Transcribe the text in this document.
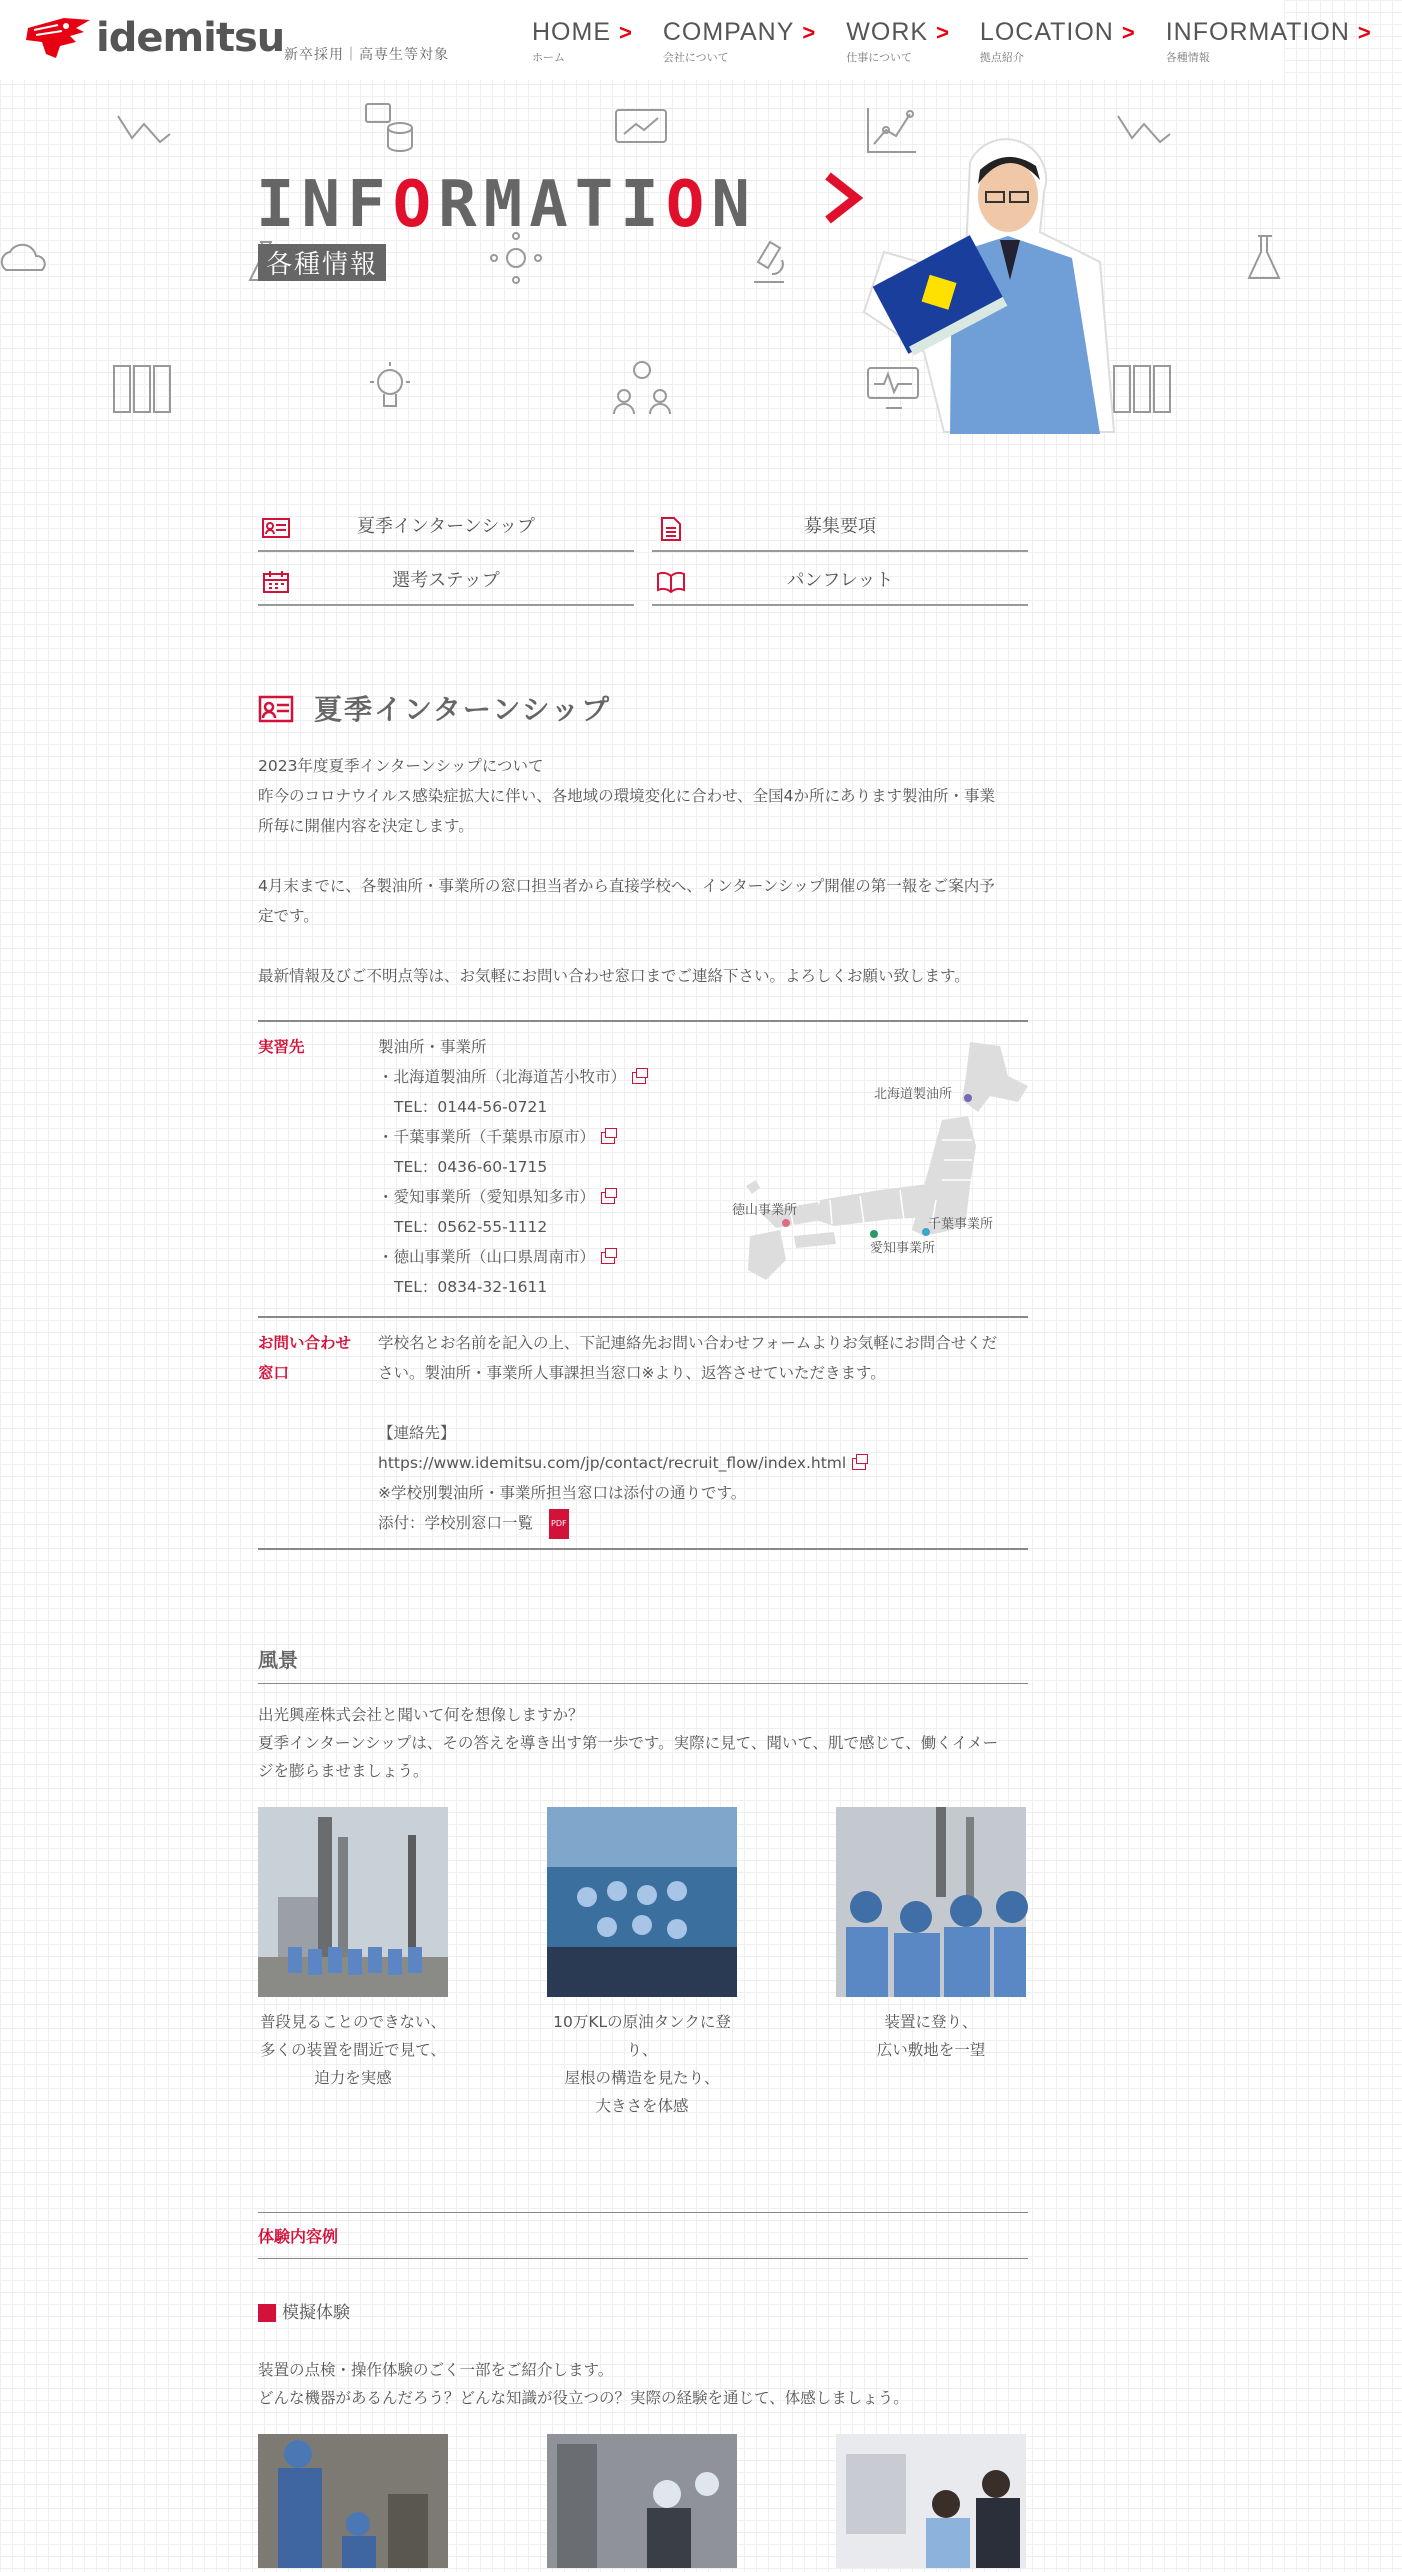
idemitsu 新卒採用｜高専生等対象
HOME >
ホーム
COMPANY >
会社について
WORK >
仕事について
LOCATION >
拠点紹介
INFORMATION >
各種情報
INFORMATION
各種情報
夏季インターンシップ	募集要項
選考ステップ	パンフレット
夏季インターンシップ
2023年度夏季インターンシップについて
昨今のコロナウイルス感染症拡大に伴い、各地域の環境変化に合わせ、全国4か所にあります製油所・事業
所毎に開催内容を決定します。
4月末までに、各製油所・事業所の窓口担当者から直接学校へ、インターンシップ開催の第一報をご案内予
定です。
最新情報及びご不明点等は、お気軽にお問い合わせ窓口までご連絡下さい。よろしくお願い致します。
実習先	製油所・事業所
・北海道製油所（北海道苫小牧市）
TEL：0144-56-0721
・千葉事業所（千葉県市原市）
TEL：0436-60-1715
・愛知事業所（愛知県知多市）
TEL：0562-55-1112
・徳山事業所（山口県周南市）
TEL：0834-32-1611
北海道製油所
徳山事業所
千葉事業所
愛知事業所
お問い合わせ
窓口
学校名とお名前を記入の上、下記連絡先お問い合わせフォームよりお気軽にお問合せくだ
さい。製油所・事業所人事課担当窓口※より、返答させていただきます。
【連絡先】
https://www.idemitsu.com/jp/contact/recruit_flow/index.html
※学校別製油所・事業所担当窓口は添付の通りです。
添付：学校別窓口一覧 PDF
風景
出光興産株式会社と聞いて何を想像しますか？
夏季インターンシップは、その答えを導き出す第一歩です。実際に見て、聞いて、肌で感じて、働くイメー
ジを膨らませましょう。
普段見ることのできない、
多くの装置を間近で見て、
迫力を実感
10万KLの原油タンクに登り、
屋根の構造を見たり、
大きさを体感
装置に登り、
広い敷地を一望
体験内容例
模擬体験
装置の点検・操作体験のごく一部をご紹介します。
どんな機器があるんだろう？どんな知識が役立つの？実際の経験を通じて、体感しましょう。
